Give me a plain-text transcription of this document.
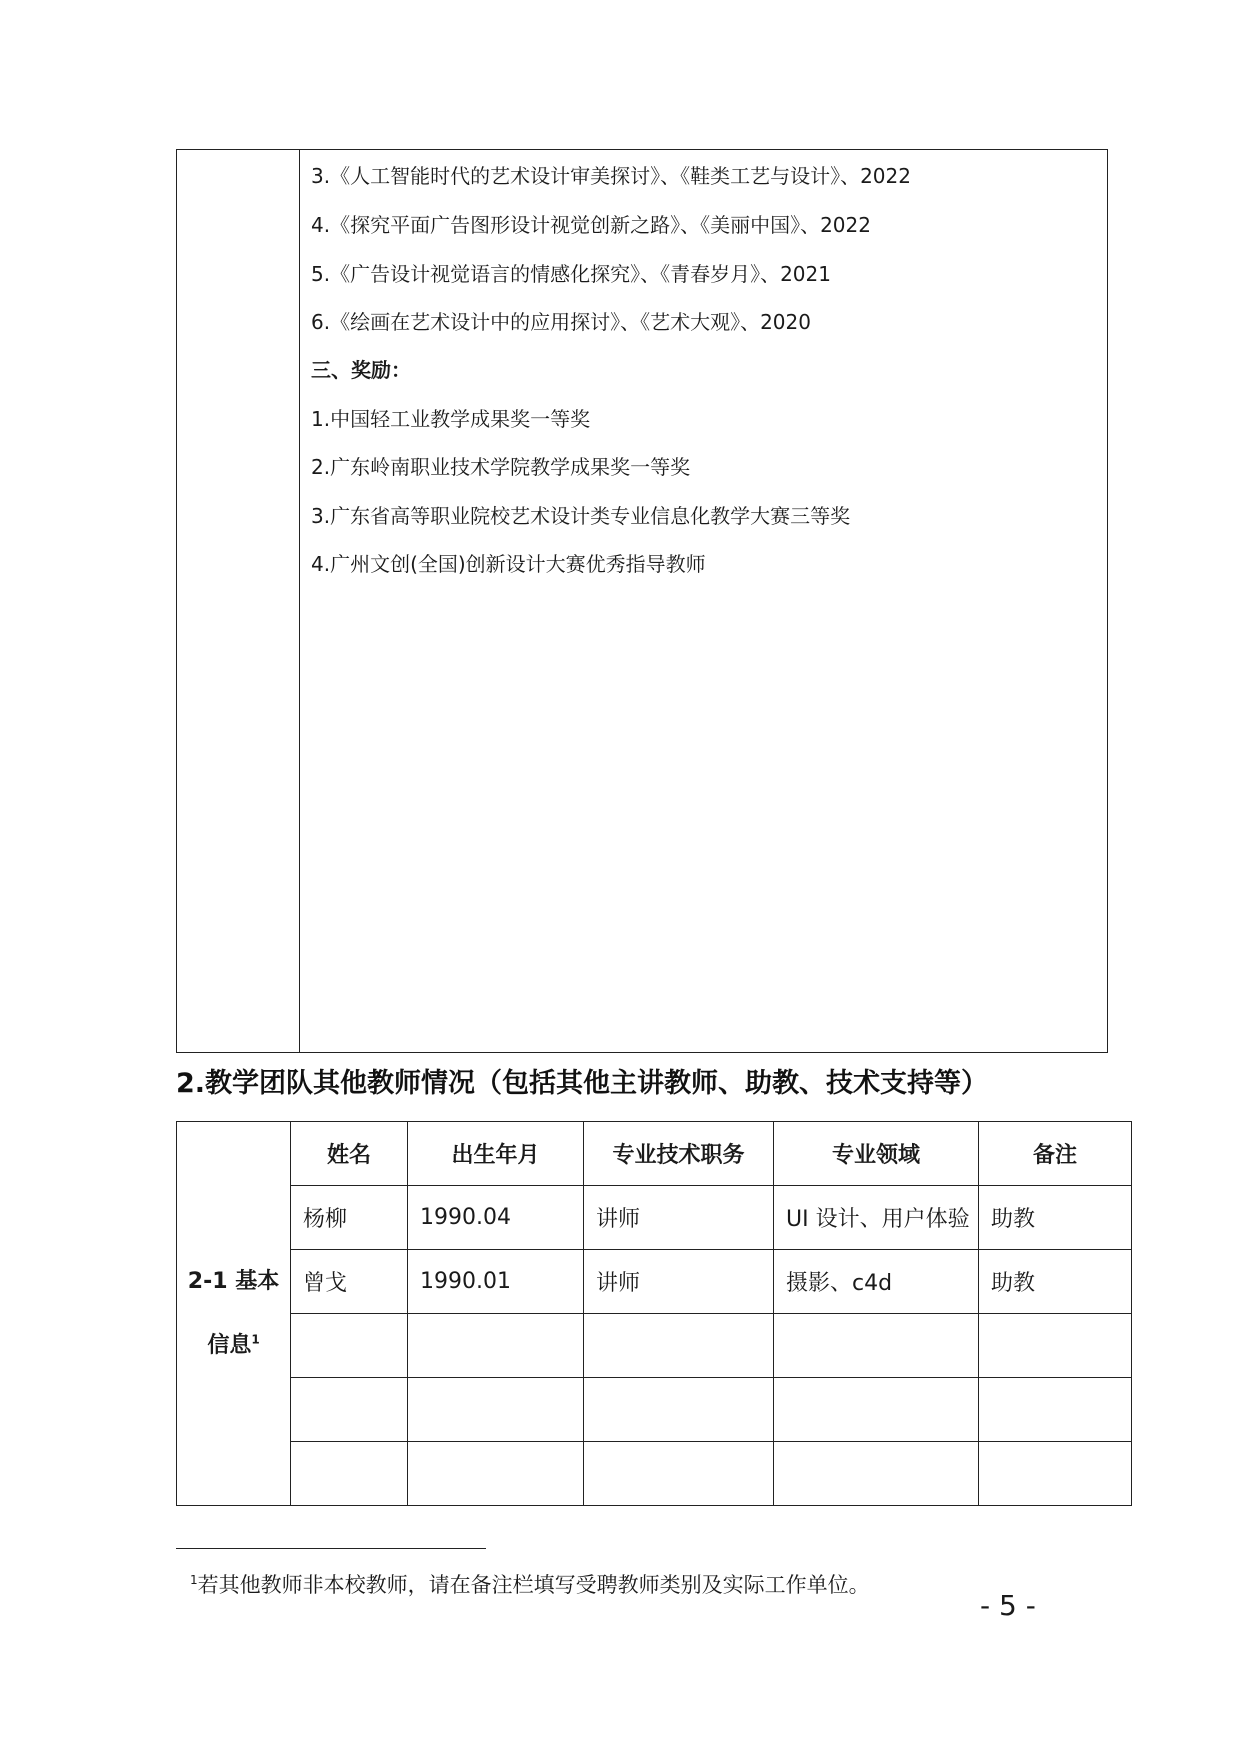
3.《人工智能时代的艺术设计审美探讨》、《鞋类工艺与设计》、2022
4.《探究平面广告图形设计视觉创新之路》、《美丽中国》、2022
5.《广告设计视觉语言的情感化探究》、《青春岁月》、2021
6.《绘画在艺术设计中的应用探讨》、《艺术大观》、2020
三、奖励：
1.中国轻工业教学成果奖一等奖
2.广东岭南职业技术学院教学成果奖一等奖
3.广东省高等职业院校艺术设计类专业信息化教学大赛三等奖
4.广州文创(全国)创新设计大赛优秀指导教师
2.教学团队其他教师情况（包括其他主讲教师、助教、技术支持等）
2-1 基本
信息$^1$	姓名	出生年月	专业技术职务	专业领域	备注
	杨柳	1990.04	讲师	UI 设计、用户体验	助教
	曾戈	1990.01	讲师	摄影、c4d	助教

$^1$若其他教师非本校教师，请在备注栏填写受聘教师类别及实际工作单位。
- 5 -
